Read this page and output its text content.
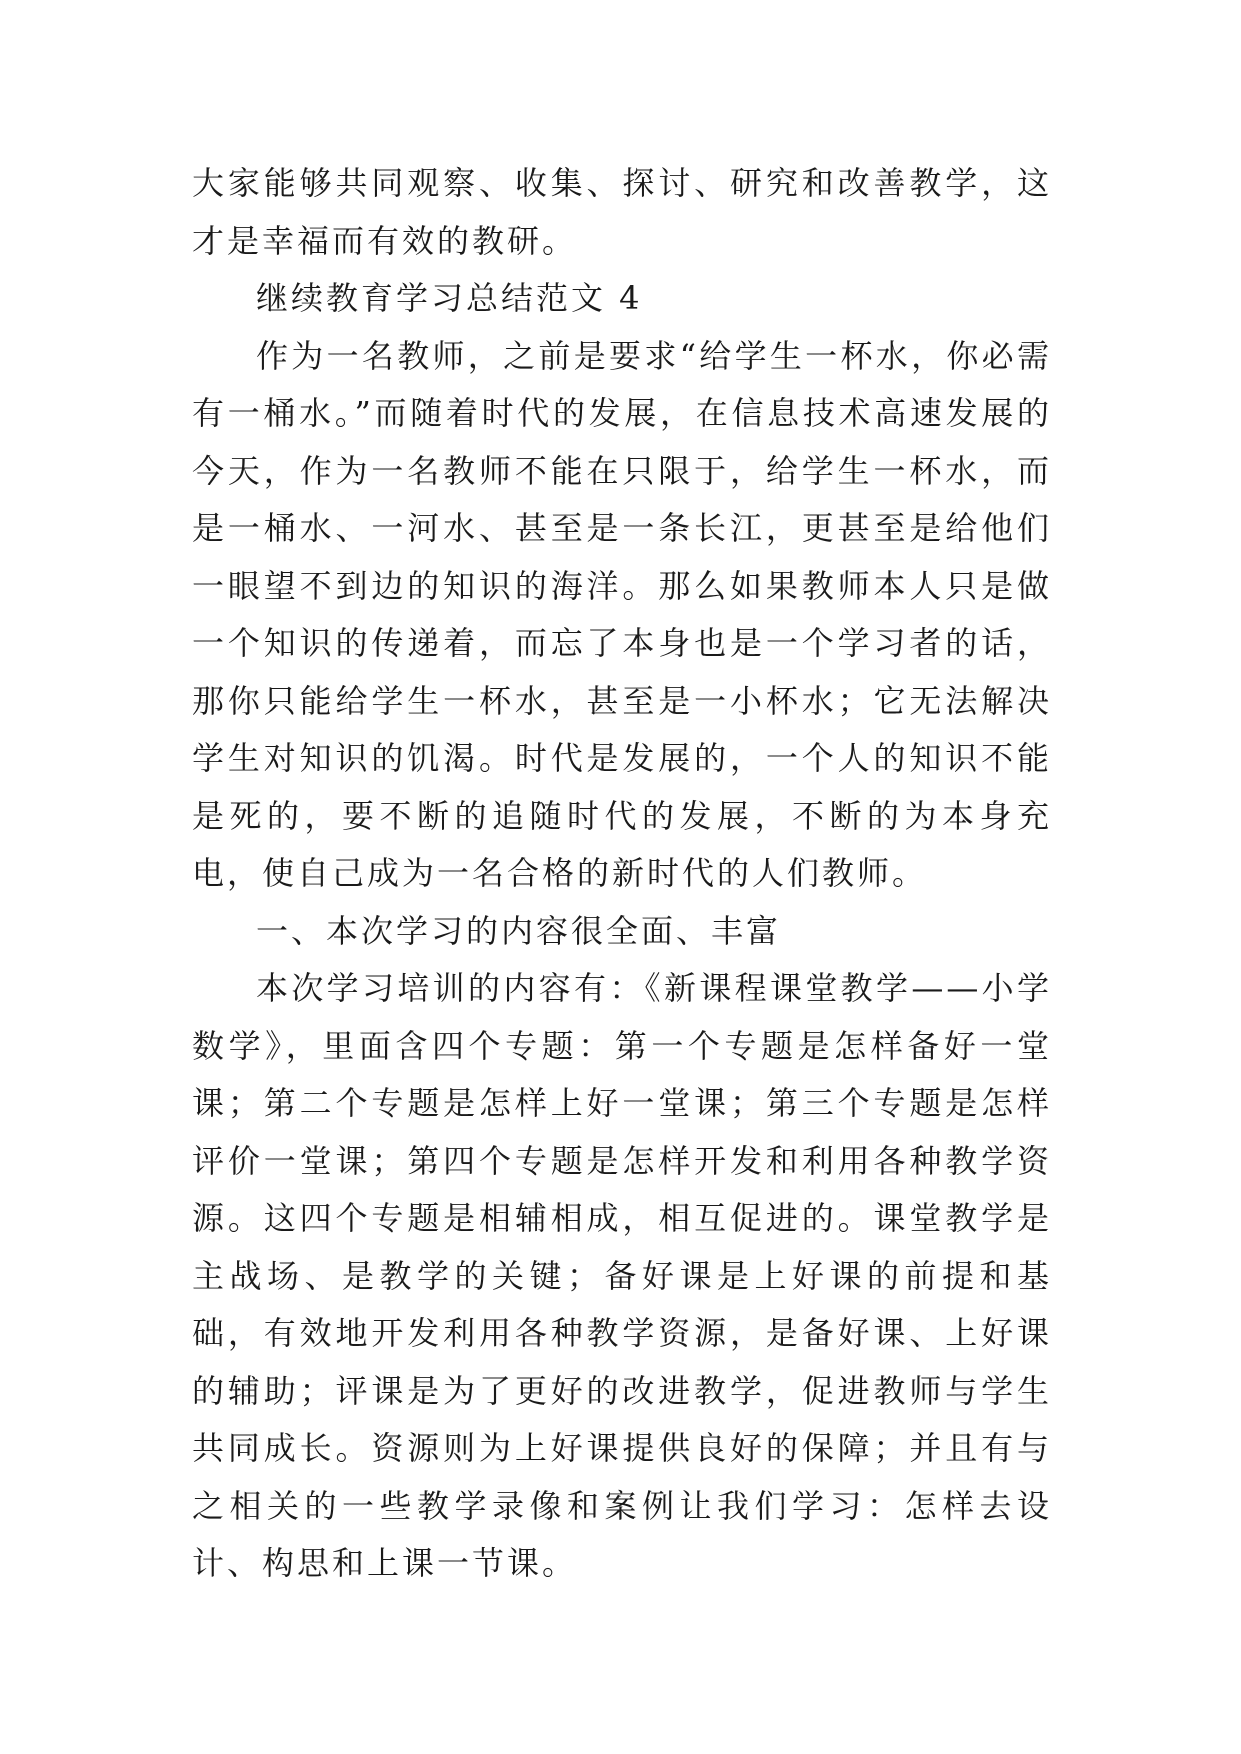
大家能够共同观察、收集、探讨、研究和改善教学，这才是幸福而有效的教研。

继续教育学习总结范文 4

作为一名教师，之前是要求“给学生一杯水，你必需有一桶水。”而随着时代的发展，在信息技术高速发展的今天，作为一名教师不能在只限于，给学生一杯水，而是一桶水、一河水、甚至是一条长江，更甚至是给他们一眼望不到边的知识的海洋。那么如果教师本人只是做一个知识的传递着，而忘了本身也是一个学习者的话，那你只能给学生一杯水，甚至是一小杯水；它无法解决学生对知识的饥渴。时代是发展的，一个人的知识不能是死的，要不断的追随时代的发展，不断的为本身充电，使自己成为一名合格的新时代的人们教师。

一、本次学习的内容很全面、丰富

本次学习培训的内容有：《新课程课堂教学——小学数学》，里面含四个专题：第一个专题是怎样备好一堂课；第二个专题是怎样上好一堂课；第三个专题是怎样评价一堂课；第四个专题是怎样开发和利用各种教学资源。这四个专题是相辅相成，相互促进的。课堂教学是主战场、是教学的关键；备好课是上好课的前提和基础，有效地开发利用各种教学资源，是备好课、上好课的辅助；评课是为了更好的改进教学，促进教师与学生共同成长。资源则为上好课提供良好的保障；并且有与之相关的一些教学录像和案例让我们学习：怎样去设计、构思和上课一节课。
